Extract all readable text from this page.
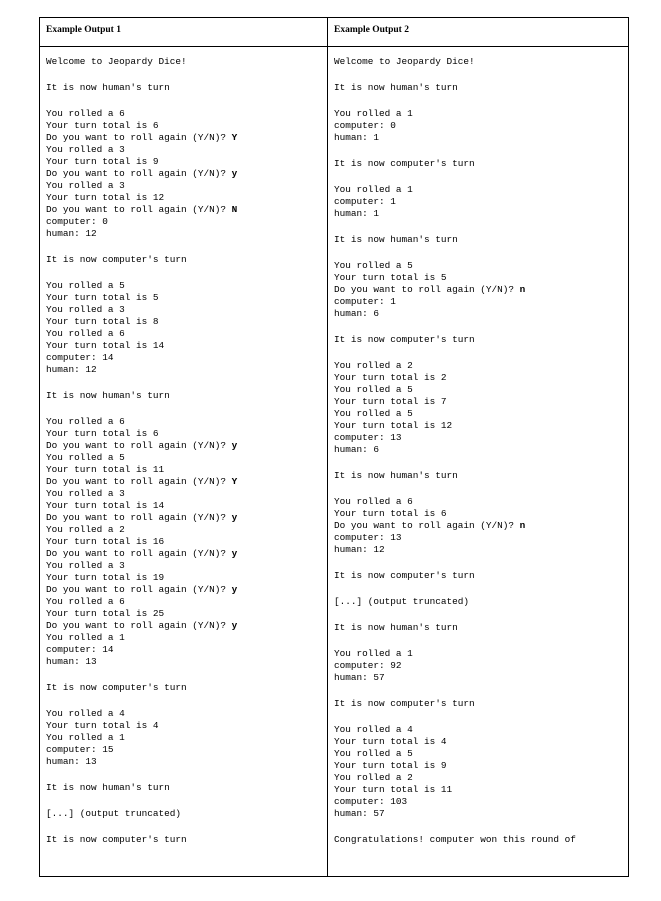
Example Output 1	Example Output 2
Welcome to Jeopardy Dice!
It is now human's turn
You rolled a 6
Your turn total is 6
Do you want to roll again (Y/N)? Y
You rolled a 3
Your turn total is 9
Do you want to roll again (Y/N)? y
You rolled a 3
Your turn total is 12
Do you want to roll again (Y/N)? N
computer: 0
human: 12
It is now computer's turn
You rolled a 5
Your turn total is 5
You rolled a 3
Your turn total is 8
You rolled a 6
Your turn total is 14
computer: 14
human: 12
It is now human's turn
You rolled a 6
Your turn total is 6
Do you want to roll again (Y/N)? y
You rolled a 5
Your turn total is 11
Do you want to roll again (Y/N)? Y
You rolled a 3
Your turn total is 14
Do you want to roll again (Y/N)? y
You rolled a 2
Your turn total is 16
Do you want to roll again (Y/N)? y
You rolled a 3
Your turn total is 19
Do you want to roll again (Y/N)? y
You rolled a 6
Your turn total is 25
Do you want to roll again (Y/N)? y
You rolled a 1
computer: 14
human: 13
It is now computer's turn
You rolled a 4
Your turn total is 4
You rolled a 1
computer: 15
human: 13
It is now human's turn
[...] (output truncated)
It is now computer's turn
Welcome to Jeopardy Dice!
It is now human's turn
You rolled a 1
computer: 0
human: 1
It is now computer's turn
You rolled a 1
computer: 1
human: 1
It is now human's turn
You rolled a 5
Your turn total is 5
Do you want to roll again (Y/N)? n
computer: 1
human: 6
It is now computer's turn
You rolled a 2
Your turn total is 2
You rolled a 5
Your turn total is 7
You rolled a 5
Your turn total is 12
computer: 13
human: 6
It is now human's turn
You rolled a 6
Your turn total is 6
Do you want to roll again (Y/N)? n
computer: 13
human: 12
It is now computer's turn
[...] (output truncated)
It is now human's turn
You rolled a 1
computer: 92
human: 57
It is now computer's turn
You rolled a 4
Your turn total is 4
You rolled a 5
Your turn total is 9
You rolled a 2
Your turn total is 11
computer: 103
human: 57
Congratulations! computer won this round of
